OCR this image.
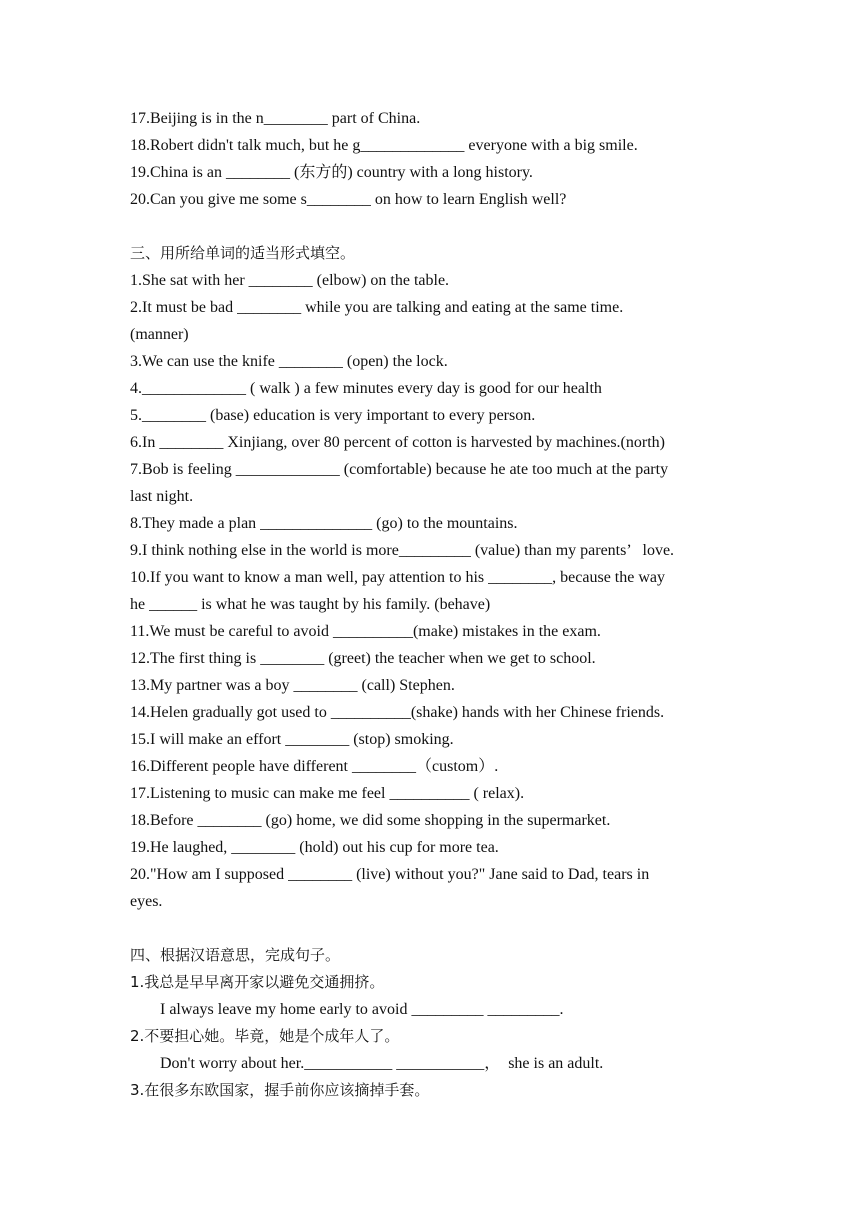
17.Beijing is in the n________ part of China.
18.Robert didn't talk much, but he g_____________ everyone with a big smile.
19.China is an ________ (东方的) country with a long history.
20.Can you give me some s________ on how to learn English well?
三、用所给单词的适当形式填空。
1.She sat with her ________ (elbow) on the table.
2.It must be bad ________ while you are talking and eating at the same time.
(manner)
3.We can use the knife ________ (open) the lock.
4._____________ ( walk ) a few minutes every day is good for our health
5.________ (base) education is very important to every person.
6.In ________ Xinjiang, over 80 percent of cotton is harvested by machines.(north)
7.Bob is feeling _____________ (comfortable) because he ate too much at the party
last night.
8.They made a plan ______________ (go) to the mountains.
9.I think nothing else in the world is more_________ (value) than my parents’   love.
10.If you want to know a man well, pay attention to his ________, because the way
he ______ is what he was taught by his family. (behave)
11.We must be careful to avoid __________(make) mistakes in the exam.
12.The first thing is ________ (greet) the teacher when we get to school.
13.My partner was a boy ________ (call) Stephen.
14.Helen gradually got used to __________(shake) hands with her Chinese friends.
15.I will make an effort ________ (stop) smoking.
16.Different people have different ________（custom）.
17.Listening to music can make me feel __________ ( relax).
18.Before ________ (go) home, we did some shopping in the supermarket.
19.He laughed, ________ (hold) out his cup for more tea.
20."How am I supposed ________ (live) without you?" Jane said to Dad, tears in
eyes.
四、根据汉语意思，完成句子。
1.我总是早早离开家以避免交通拥挤。
I always leave my home early to avoid _________ _________.
2.不要担心她。毕竟，她是个成年人了。
Don't worry about her.___________ ___________，  she is an adult.
3.在很多东欧国家，握手前你应该摘掉手套。
